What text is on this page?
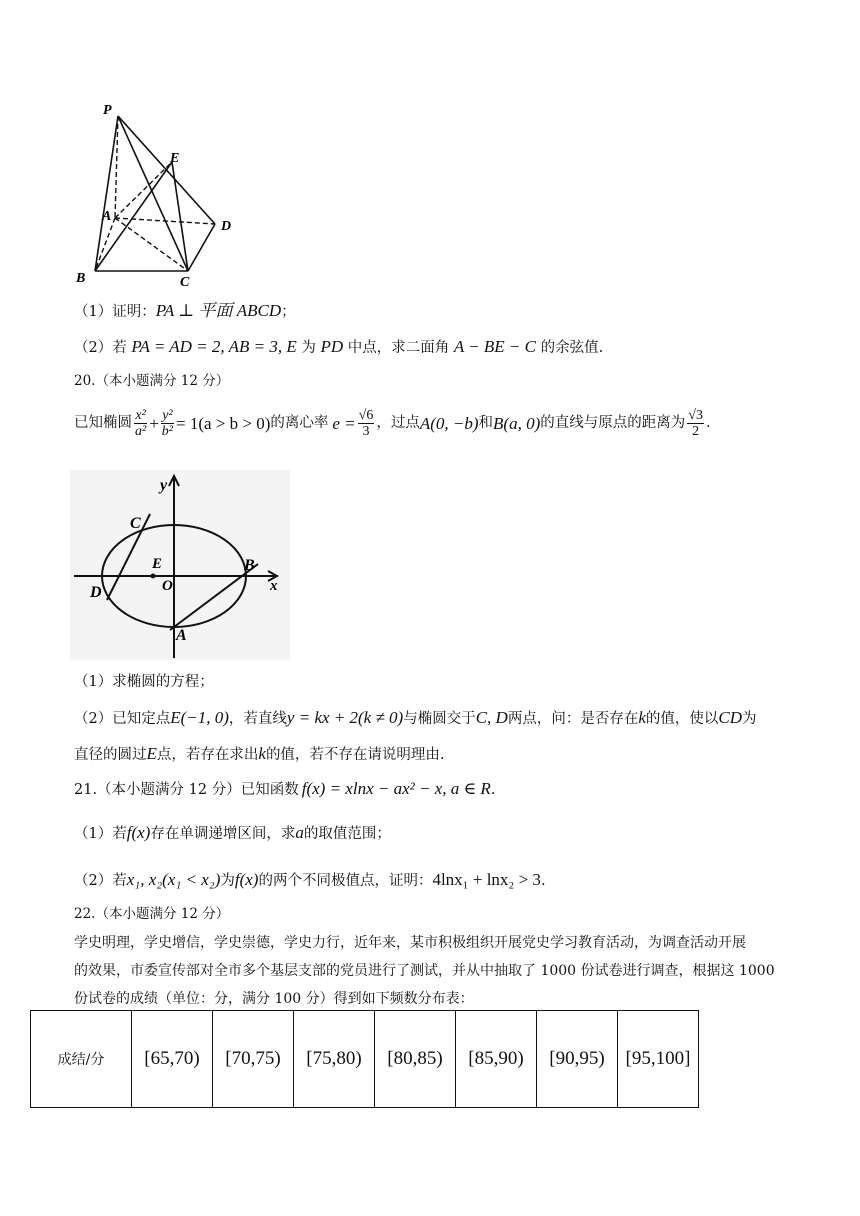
P
E
A
D
B	C
（1）证明：PA ⊥ 平面 ABCD；
（2）若 PA = AD = 2, AB = 3, E 为 PD 中点，求二面角 A − BE − C 的余弦值.
20.（本小题满分 12 分）
已知椭圆 $\frac{\text{x²}}{\text{a²}} + \frac{\text{y²}}{\text{b²}} = 1(a > b > 0)$ 的离心率 $e = \frac{√6}{3}$ ，过点 A(0, −b) 和 B(a, 0) 的直线与原点的距离为 $\frac{√3}{2}$ .
y
C
B
E
O
D	x
A
（1）求椭圆的方程；
（2）已知定点E(−1, 0)，若直线y = kx + 2(k ≠ 0)与椭圆交于C, D两点，问：是否存在k的值，使以CD为
直径的圆过E点，若存在求出k的值，若不存在请说明理由.
21.（本小题满分 12 分）已知函数 f(x) = xlnx − ax² − x, a ∈ R.
（1）若f(x)存在单调递增区间，求a的取值范围；
（2）若x₁, x₂(x₁ < x₂)为f(x)的两个不同极值点，证明：4lnx₁ + lnx₂ > 3.
22.（本小题满分 12 分）
学史明理，学史增信，学史崇德，学史力行，近年来，某市积极组织开展党史学习教育活动，为调查活动开展
的效果，市委宣传部对全市多个基层支部的党员进行了测试，并从中抽取了 1000 份试卷进行调查，根据这 1000
份试卷的成绩（单位：分，满分 100 分）得到如下频数分布表：
成结/分	[65,70)	[70,75)	[75,80)	[80,85)	[85,90)	[90,95)	[95,100]
